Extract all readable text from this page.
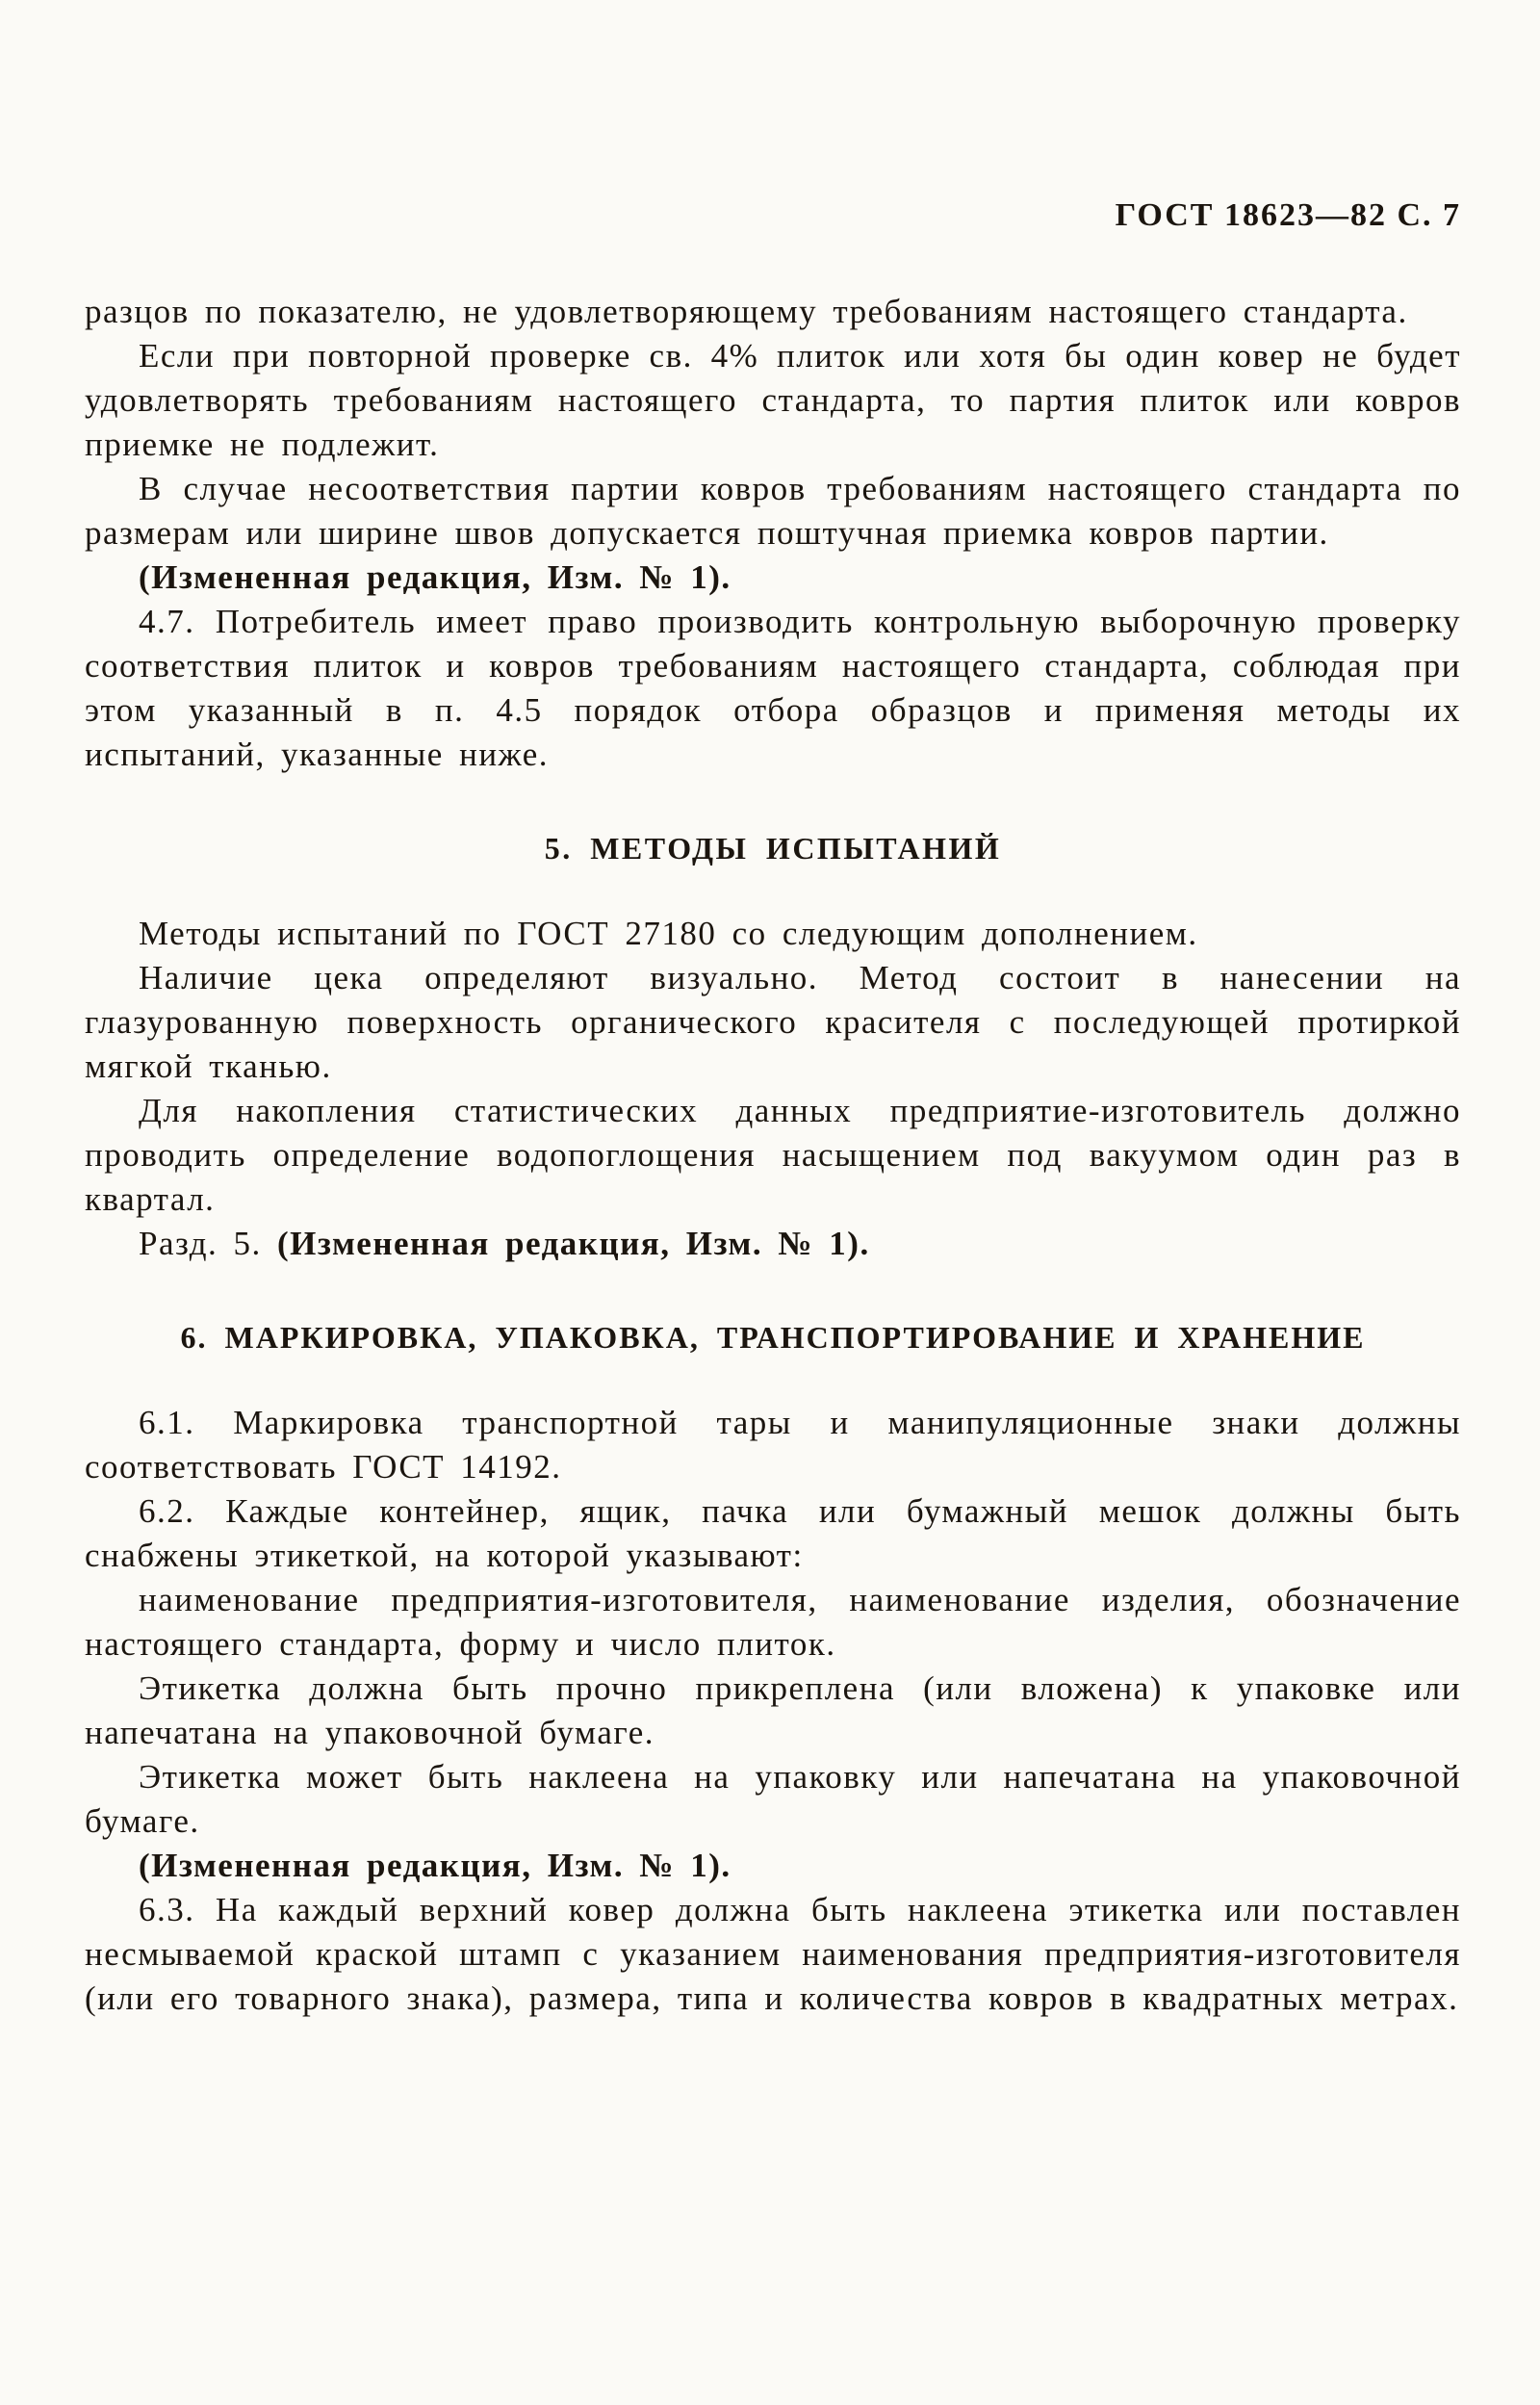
ГОСТ 18623—82 С. 7

разцов по показателю, не удовлетворяющему требованиям настоящего стандарта.

Если при повторной проверке св. 4% плиток или хотя бы один ковер не будет удовлетворять требованиям настоящего стандарта, то партия плиток или ковров приемке не подлежит.

В случае несоответствия партии ковров требованиям настоящего стандарта по размерам или ширине швов допускается поштучная приемка ковров партии.

(Измененная редакция, Изм. № 1).

4.7. Потребитель имеет право производить контрольную выборочную проверку соответствия плиток и ковров требованиям настоящего стандарта, соблюдая при этом указанный в п. 4.5 порядок отбора образцов и применяя методы их испытаний, указанные ниже.

5. МЕТОДЫ ИСПЫТАНИЙ

Методы испытаний по ГОСТ 27180 со следующим дополнением.

Наличие цека определяют визуально. Метод состоит в нанесении на глазурованную поверхность органического красителя с последующей протиркой мягкой тканью.

Для накопления статистических данных предприятие-изготовитель должно проводить определение водопоглощения насыщением под вакуумом один раз в квартал.

Разд. 5. (Измененная редакция, Изм. № 1).

6. МАРКИРОВКА, УПАКОВКА, ТРАНСПОРТИРОВАНИЕ И ХРАНЕНИЕ

6.1. Маркировка транспортной тары и манипуляционные знаки должны соответствовать ГОСТ 14192.

6.2. Каждые контейнер, ящик, пачка или бумажный мешок должны быть снабжены этикеткой, на которой указывают:

наименование предприятия-изготовителя, наименование изделия, обозначение настоящего стандарта, форму и число плиток.

Этикетка должна быть прочно прикреплена (или вложена) к упаковке или напечатана на упаковочной бумаге.

Этикетка может быть наклеена на упаковку или напечатана на упаковочной бумаге.

(Измененная редакция, Изм. № 1).

6.3. На каждый верхний ковер должна быть наклеена этикетка или поставлен несмываемой краской штамп с указанием наименования предприятия-изготовителя (или его товарного знака), размера, типа и количества ковров в квадратных метрах.
